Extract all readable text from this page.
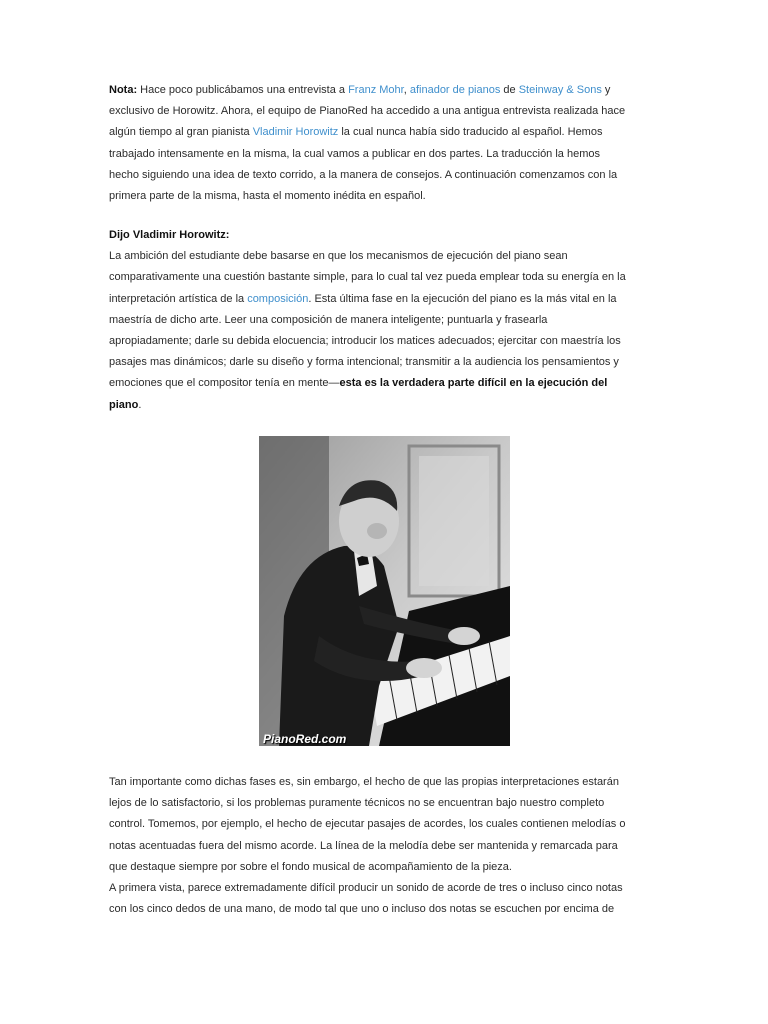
Nota: Hace poco publicábamos una entrevista a Franz Mohr, afinador de pianos de Steinway & Sons y
exclusivo de Horowitz. Ahora, el equipo de PianoRed ha accedido a una antigua entrevista realizada hace
algún tiempo al gran pianista Vladimir Horowitz la cual nunca había sido traducido al español. Hemos
trabajado intensamente en la misma, la cual vamos a publicar en dos partes. La traducción la hemos
hecho siguiendo una idea de texto corrido, a la manera de consejos. A continuación comenzamos con la
primera parte de la misma, hasta el momento inédita en español.
Dijo Vladimir Horowitz:
La ambición del estudiante debe basarse en que los mecanismos de ejecución del piano sean
comparativamente una cuestión bastante simple, para lo cual tal vez pueda emplear toda su energía en la
interpretación artística de la composición. Esta última fase en la ejecución del piano es la más vital en la
maestría de dicho arte. Leer una composición de manera inteligente; puntuarla y frasearla
apropiadamente; darle su debida elocuencia; introducir los matices adecuados; ejercitar con maestría los
pasajes mas dinámicos; darle su diseño y forma intencional; transmitir a la audiencia los pensamientos y
emociones que el compositor tenía en mente—esta es la verdadera parte difícil en la ejecución del
piano.
PianoRed.com
Tan importante como dichas fases es, sin embargo, el hecho de que las propias interpretaciones estarán
lejos de lo satisfactorio, si los problemas puramente técnicos no se encuentran bajo nuestro completo
control. Tomemos, por ejemplo, el hecho de ejecutar pasajes de acordes, los cuales contienen melodías o
notas acentuadas fuera del mismo acorde. La línea de la melodía debe ser mantenida y remarcada para
que destaque siempre por sobre el fondo musical de acompañamiento de la pieza.
A primera vista, parece extremadamente difícil producir un sonido de acorde de tres o incluso cinco notas
con los cinco dedos de una mano, de modo tal que uno o incluso dos notas se escuchen por encima de
